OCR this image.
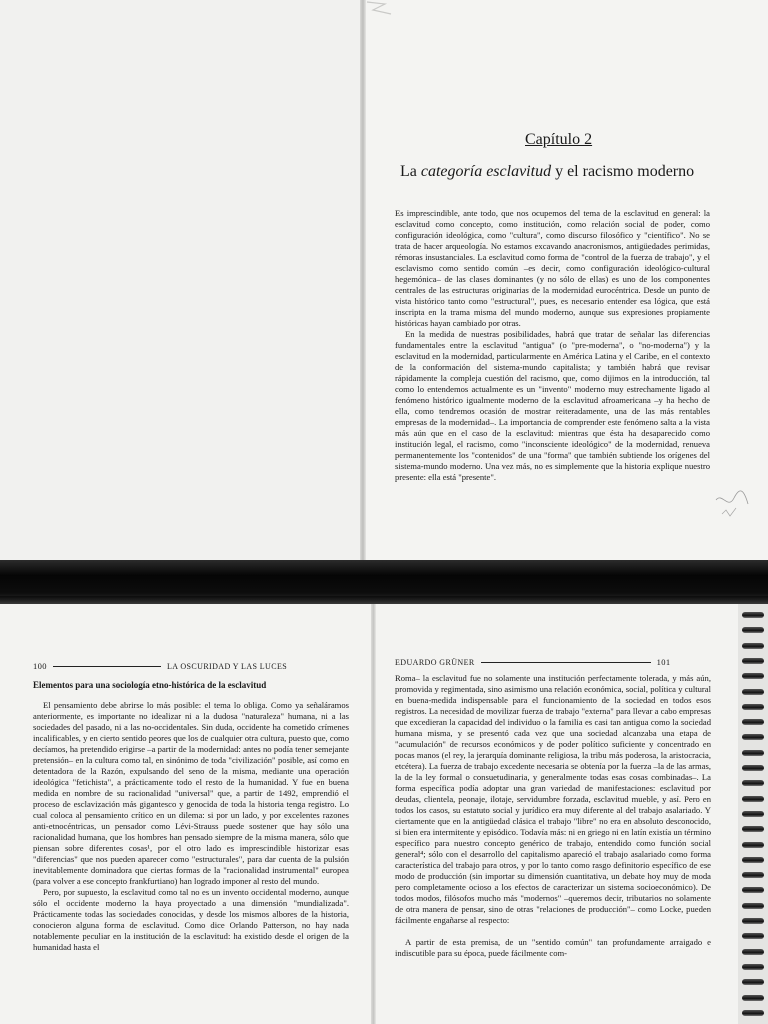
Capítulo 2
La categoría esclavitud y el racismo moderno

Es imprescindible, ante todo, que nos ocupemos del tema de la esclavitud en general: la esclavitud como concepto, como institución, como relación social de poder, como configuración ideológica, como "cultura", como discurso filosófico y "científico". No se trata de hacer arqueología. No estamos excavando anacronismos, antigüedades perimidas, rémoras insustanciales. La esclavitud como forma de "control de la fuerza de trabajo", y el esclavismo como sentido común –es decir, como configuración ideológico-cultural hegemónica– de las clases dominantes (y no sólo de ellas) es uno de los componentes centrales de las estructuras originarias de la modernidad eurocéntrica. Desde un punto de vista histórico tanto como "estructural", pues, es necesario entender esa lógica, que está inscripta en la trama misma del mundo moderno, aunque sus expresiones propiamente históricas hayan cambiado por otras.

En la medida de nuestras posibilidades, habrá que tratar de señalar las diferencias fundamentales entre la esclavitud "antigua" (o "pre-moderna", o "no-moderna") y la esclavitud en la modernidad, particularmente en América Latina y el Caribe, en el contexto de la conformación del sistema-mundo capitalista; y también habrá que revisar rápidamente la compleja cuestión del racismo, que, como dijimos en la introducción, tal como lo entendemos actualmente es un "invento" moderno muy estrechamente ligado al fenómeno histórico igualmente moderno de la esclavitud afroamericana –y ha hecho de ella, como tendremos ocasión de mostrar reiteradamente, una de las más rentables empresas de la modernidad–. La importancia de comprender este fenómeno salta a la vista más aún que en el caso de la esclavitud: mientras que ésta ha desaparecido como institución legal, el racismo, como "inconsciente ideológico" de la modernidad, renueva permanentemente los "contenidos" de una "forma" que también subtiende los orígenes del sistema-mundo moderno. Una vez más, no es simplemente que la historia explique nuestro presente: ella está "presente".

100	LA OSCURIDAD Y LAS LUCES
Elementos para una sociología etno-histórica de la esclavitud

El pensamiento debe abrirse lo más posible: el tema lo obliga. Como ya señaláramos anteriormente, es importante no idealizar ni a la dudosa "naturaleza" humana, ni a las sociedades del pasado, ni a las no-occidentales. Sin duda, occidente ha cometido crímenes incalificables, y en cierto sentido peores que los de cualquier otra cultura, puesto que, como decíamos, ha pretendido erigirse –a partir de la modernidad: antes no podía tener semejante pretensión– en la cultura como tal, en sinónimo de toda "civilización" posible, así como en detentadora de la Razón, expulsando del seno de la misma, mediante una operación ideológica "fetichista", a prácticamente todo el resto de la humanidad. Y fue en buena medida en nombre de su racionalidad "universal" que, a partir de 1492, emprendió el proceso de esclavización más gigantesco y genocida de toda la historia tenga registro. Lo cual coloca al pensamiento crítico en un dilema: si por un lado, y por excelentes razones anti-etnocéntricas, un pensador como Lévi-Strauss puede sostener que hay sólo una racionalidad humana, que los hombres han pensado siempre de la misma manera, sólo que piensan sobre diferentes cosas¹, por el otro lado es imprescindible historizar esas "diferencias" que nos pueden aparecer como "estructurales", para dar cuenta de la pulsión inevitablemente dominadora que ciertas formas de la "racionalidad instrumental" europea (para volver a ese concepto frankfurtiano) han logrado imponer al resto del mundo.

Pero, por supuesto, la esclavitud como tal no es un invento occidental moderno, aunque sólo el occidente moderno la haya proyectado a una dimensión "mundializada". Prácticamente todas las sociedades conocidas, y desde los mismos albores de la historia, conocieron alguna forma de esclavitud. Como dice Orlando Patterson, no hay nada notablemente peculiar en la institución de la esclavitud: ha existido desde el origen de la humanidad hasta el

EDUARDO GRÜNER	101

Roma– la esclavitud fue no solamente una institución perfectamente tolerada, y más aún, promovida y regimentada, sino asimismo una relación económica, social, política y cultural en buena-medida indispensable para el funcionamiento de la sociedad en todos esos registros. La necesidad de movilizar fuerza de trabajo "externa" para llevar a cabo empresas que excedieran la capacidad del individuo o la familia es casi tan antigua como la sociedad humana misma, y se presentó cada vez que una sociedad alcanzaba una etapa de "acumulación" de recursos económicos y de poder político suficiente y concentrado en pocas manos (el rey, la jerarquía dominante religiosa, la tribu más poderosa, la aristocracia, etcétera). La fuerza de trabajo excedente necesaria se obtenía por la fuerza –la de las armas, la de la ley formal o consuetudinaria, y generalmente todas esas cosas combinadas–. La forma específica podía adoptar una gran variedad de manifestaciones: esclavitud por deudas, clientela, peonaje, ilotaje, servidumbre forzada, esclavitud mueble, y así. Pero en todos los casos, su estatuto social y jurídico era muy diferente al del trabajo asalariado. Y ciertamente que en la antigüedad clásica el trabajo "libre" no era en absoluto desconocido, si bien era intermitente y episódico. Todavía más: ni en griego ni en latín existía un término específico para nuestro concepto genérico de trabajo, entendido como función social general⁴; sólo con el desarrollo del capitalismo apareció el trabajo asalariado como forma característica del trabajo para otros, y por lo tanto como rasgo definitorio específico de ese modo de producción (sin importar su dimensión cuantitativa, un debate hoy muy de moda pero completamente ocioso a los efectos de caracterizar un sistema socioeconómico). De todos modos, filósofos mucho más "modernos" –queremos decir, tributarios no solamente de otra manera de pensar, sino de otras "relaciones de producción"– como Locke, pueden fácilmente engañarse al respecto:

A partir de esta premisa, de un "sentido común" tan profundamente arraigado e indiscutible para su época, puede fácilmente com-
